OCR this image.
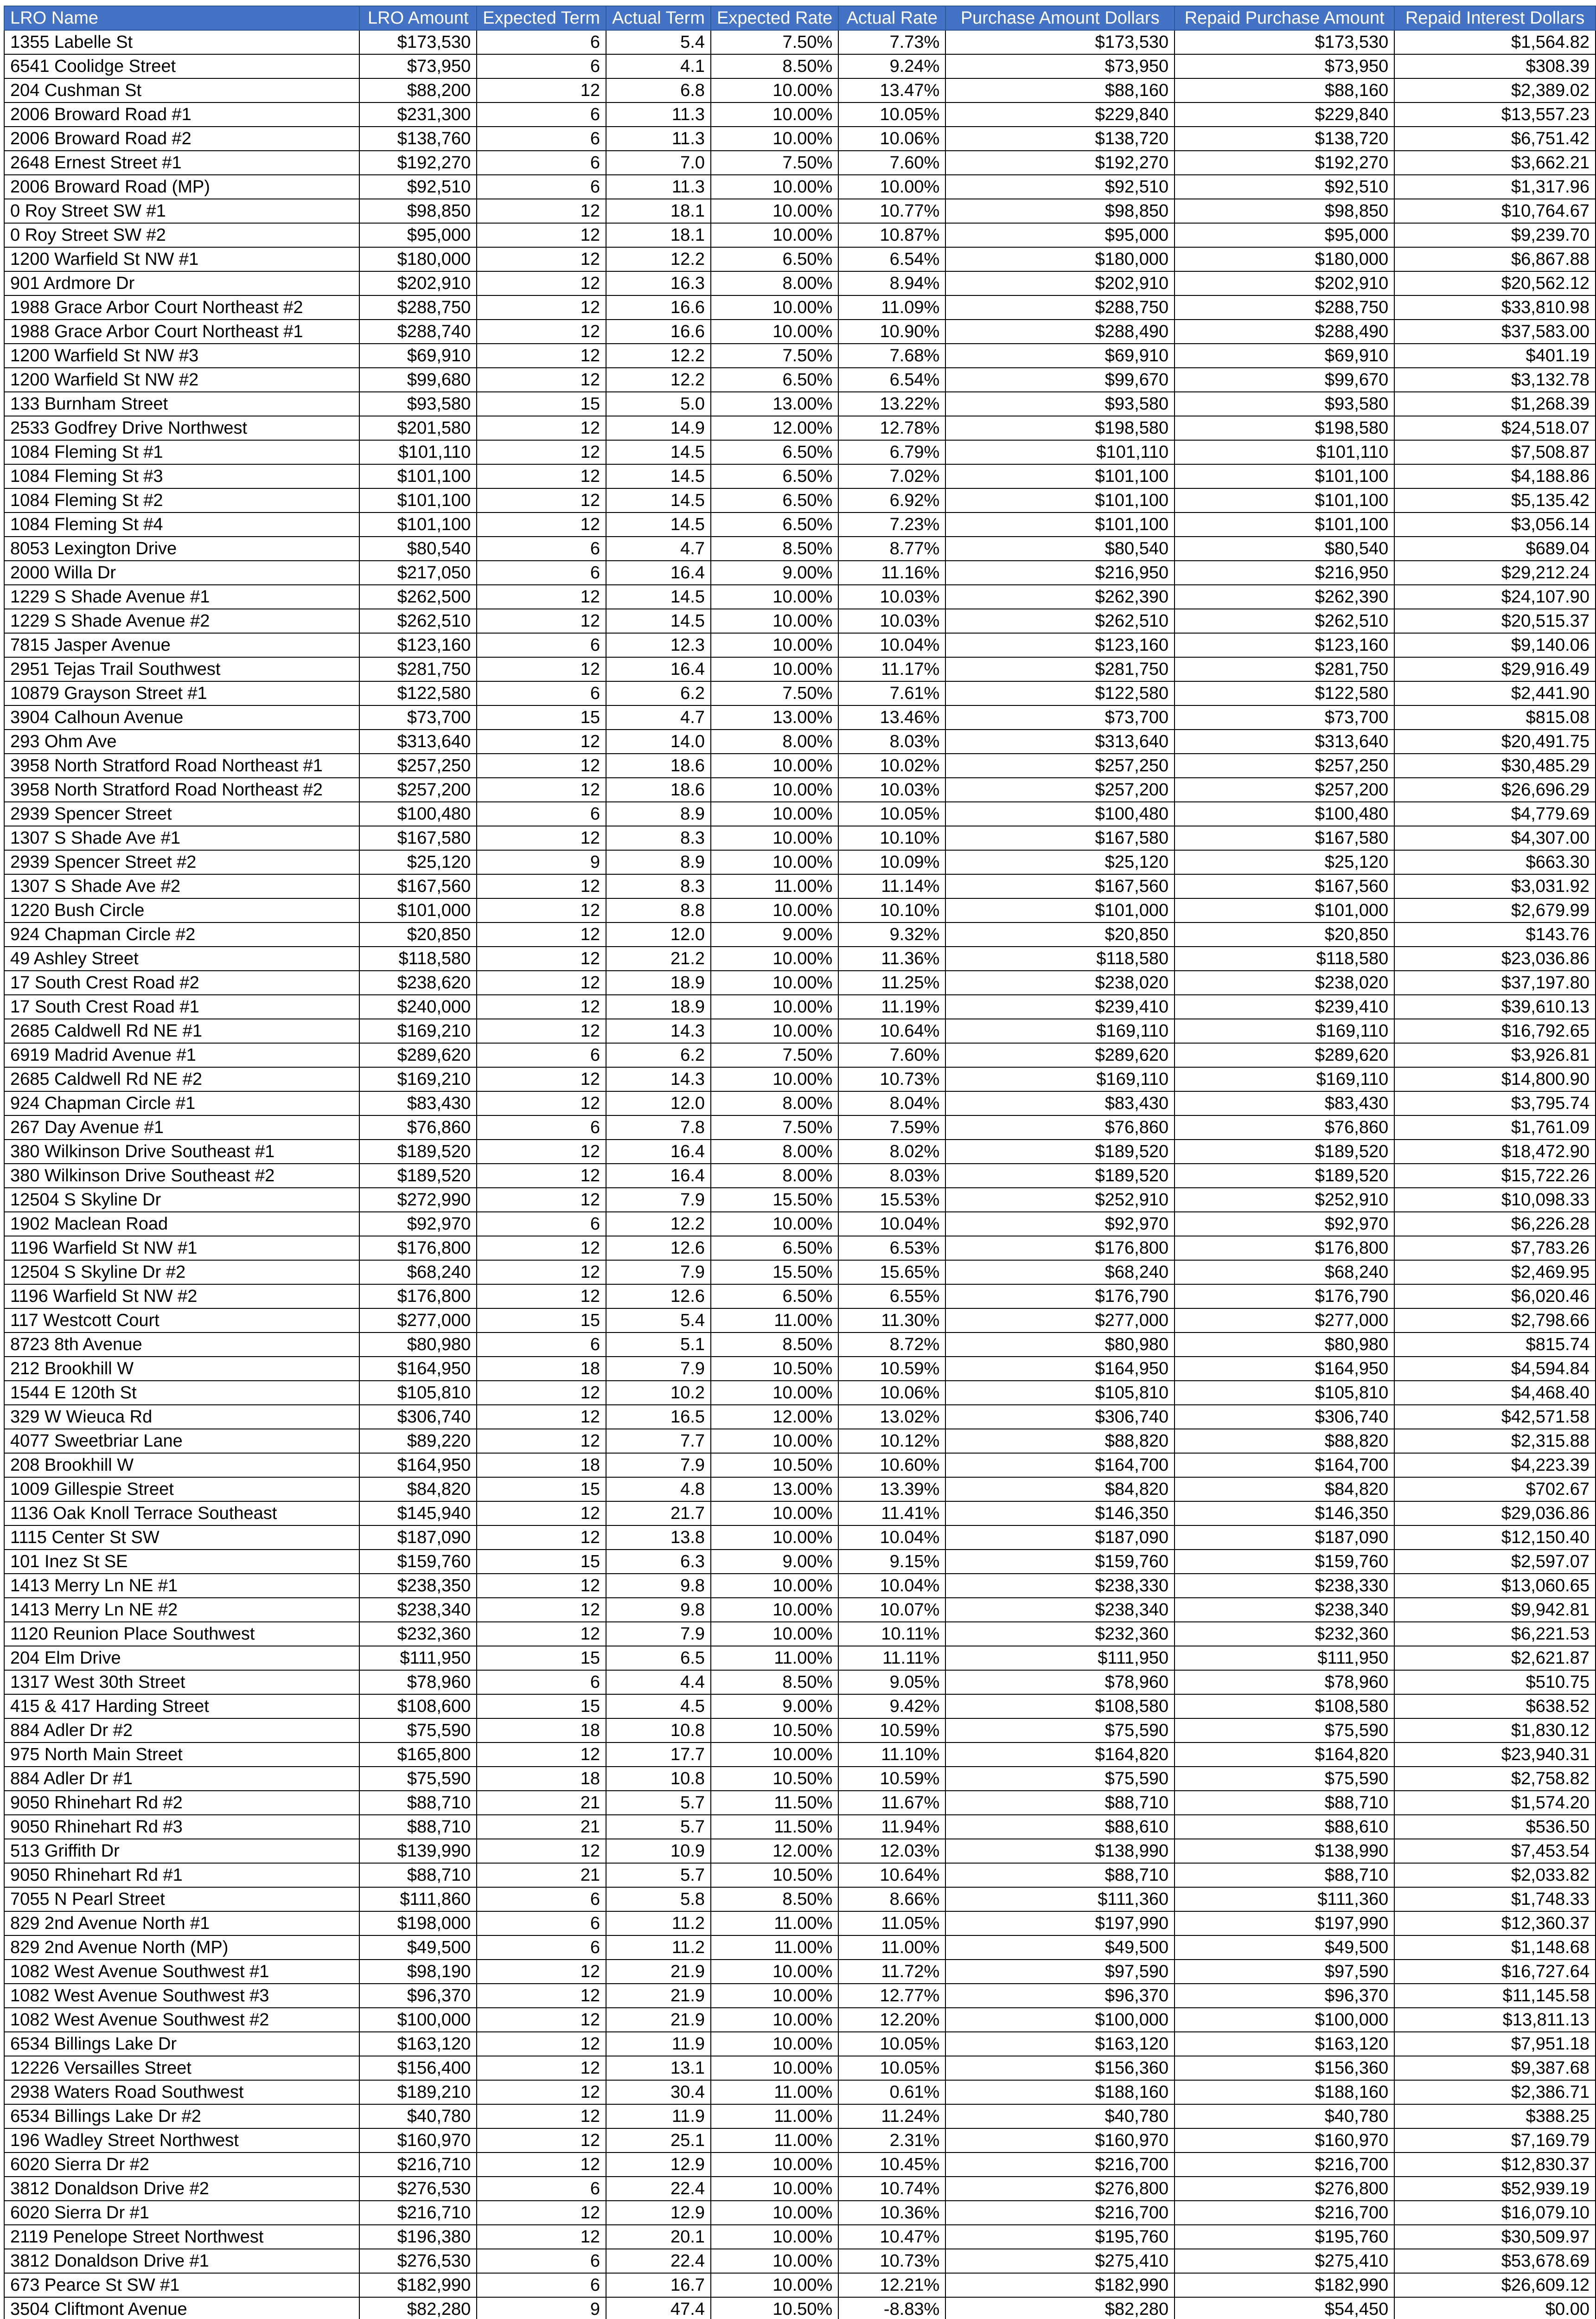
LRO Name	LRO Amount	Expected Term	Actual Term	Expected Rate	Actual Rate	Purchase Amount Dollars	Repaid Purchase Amount	Repaid Interest Dollars
1355 Labelle St	$173,530	6	5.4	7.50%	7.73%	$173,530	$173,530	$1,564.82
6541 Coolidge Street	$73,950	6	4.1	8.50%	9.24%	$73,950	$73,950	$308.39
204 Cushman St	$88,200	12	6.8	10.00%	13.47%	$88,160	$88,160	$2,389.02
2006 Broward Road #1	$231,300	6	11.3	10.00%	10.05%	$229,840	$229,840	$13,557.23
2006 Broward Road #2	$138,760	6	11.3	10.00%	10.06%	$138,720	$138,720	$6,751.42
2648 Ernest Street #1	$192,270	6	7.0	7.50%	7.60%	$192,270	$192,270	$3,662.21
2006 Broward Road (MP)	$92,510	6	11.3	10.00%	10.00%	$92,510	$92,510	$1,317.96
0 Roy Street SW #1	$98,850	12	18.1	10.00%	10.77%	$98,850	$98,850	$10,764.67
0 Roy Street SW #2	$95,000	12	18.1	10.00%	10.87%	$95,000	$95,000	$9,239.70
1200 Warfield St NW #1	$180,000	12	12.2	6.50%	6.54%	$180,000	$180,000	$6,867.88
901 Ardmore Dr	$202,910	12	16.3	8.00%	8.94%	$202,910	$202,910	$20,562.12
1988 Grace Arbor Court Northeast #2	$288,750	12	16.6	10.00%	11.09%	$288,750	$288,750	$33,810.98
1988 Grace Arbor Court Northeast #1	$288,740	12	16.6	10.00%	10.90%	$288,490	$288,490	$37,583.00
1200 Warfield St NW #3	$69,910	12	12.2	7.50%	7.68%	$69,910	$69,910	$401.19
1200 Warfield St NW #2	$99,680	12	12.2	6.50%	6.54%	$99,670	$99,670	$3,132.78
133 Burnham Street	$93,580	15	5.0	13.00%	13.22%	$93,580	$93,580	$1,268.39
2533 Godfrey Drive Northwest	$201,580	12	14.9	12.00%	12.78%	$198,580	$198,580	$24,518.07
1084 Fleming St #1	$101,110	12	14.5	6.50%	6.79%	$101,110	$101,110	$7,508.87
1084 Fleming St #3	$101,100	12	14.5	6.50%	7.02%	$101,100	$101,100	$4,188.86
1084 Fleming St #2	$101,100	12	14.5	6.50%	6.92%	$101,100	$101,100	$5,135.42
1084 Fleming St #4	$101,100	12	14.5	6.50%	7.23%	$101,100	$101,100	$3,056.14
8053 Lexington Drive	$80,540	6	4.7	8.50%	8.77%	$80,540	$80,540	$689.04
2000 Willa Dr	$217,050	6	16.4	9.00%	11.16%	$216,950	$216,950	$29,212.24
1229 S Shade Avenue #1	$262,500	12	14.5	10.00%	10.03%	$262,390	$262,390	$24,107.90
1229 S Shade Avenue #2	$262,510	12	14.5	10.00%	10.03%	$262,510	$262,510	$20,515.37
7815 Jasper Avenue	$123,160	6	12.3	10.00%	10.04%	$123,160	$123,160	$9,140.06
2951 Tejas Trail Southwest	$281,750	12	16.4	10.00%	11.17%	$281,750	$281,750	$29,916.49
10879 Grayson Street #1	$122,580	6	6.2	7.50%	7.61%	$122,580	$122,580	$2,441.90
3904 Calhoun Avenue	$73,700	15	4.7	13.00%	13.46%	$73,700	$73,700	$815.08
293 Ohm Ave	$313,640	12	14.0	8.00%	8.03%	$313,640	$313,640	$20,491.75
3958 North Stratford Road Northeast #1	$257,250	12	18.6	10.00%	10.02%	$257,250	$257,250	$30,485.29
3958 North Stratford Road Northeast #2	$257,200	12	18.6	10.00%	10.03%	$257,200	$257,200	$26,696.29
2939 Spencer Street	$100,480	6	8.9	10.00%	10.05%	$100,480	$100,480	$4,779.69
1307 S Shade Ave #1	$167,580	12	8.3	10.00%	10.10%	$167,580	$167,580	$4,307.00
2939 Spencer Street #2	$25,120	9	8.9	10.00%	10.09%	$25,120	$25,120	$663.30
1307 S Shade Ave #2	$167,560	12	8.3	11.00%	11.14%	$167,560	$167,560	$3,031.92
1220 Bush Circle	$101,000	12	8.8	10.00%	10.10%	$101,000	$101,000	$2,679.99
924 Chapman Circle #2	$20,850	12	12.0	9.00%	9.32%	$20,850	$20,850	$143.76
49 Ashley Street	$118,580	12	21.2	10.00%	11.36%	$118,580	$118,580	$23,036.86
17 South Crest Road #2	$238,620	12	18.9	10.00%	11.25%	$238,020	$238,020	$37,197.80
17 South Crest Road #1	$240,000	12	18.9	10.00%	11.19%	$239,410	$239,410	$39,610.13
2685 Caldwell Rd NE #1	$169,210	12	14.3	10.00%	10.64%	$169,110	$169,110	$16,792.65
6919 Madrid Avenue #1	$289,620	6	6.2	7.50%	7.60%	$289,620	$289,620	$3,926.81
2685 Caldwell Rd NE #2	$169,210	12	14.3	10.00%	10.73%	$169,110	$169,110	$14,800.90
924 Chapman Circle #1	$83,430	12	12.0	8.00%	8.04%	$83,430	$83,430	$3,795.74
267 Day Avenue #1	$76,860	6	7.8	7.50%	7.59%	$76,860	$76,860	$1,761.09
380 Wilkinson Drive Southeast #1	$189,520	12	16.4	8.00%	8.02%	$189,520	$189,520	$18,472.90
380 Wilkinson Drive Southeast #2	$189,520	12	16.4	8.00%	8.03%	$189,520	$189,520	$15,722.26
12504 S Skyline Dr	$272,990	12	7.9	15.50%	15.53%	$252,910	$252,910	$10,098.33
1902 Maclean Road	$92,970	6	12.2	10.00%	10.04%	$92,970	$92,970	$6,226.28
1196 Warfield St NW #1	$176,800	12	12.6	6.50%	6.53%	$176,800	$176,800	$7,783.26
12504 S Skyline Dr #2	$68,240	12	7.9	15.50%	15.65%	$68,240	$68,240	$2,469.95
1196 Warfield St NW #2	$176,800	12	12.6	6.50%	6.55%	$176,790	$176,790	$6,020.46
117 Westcott Court	$277,000	15	5.4	11.00%	11.30%	$277,000	$277,000	$2,798.66
8723 8th Avenue	$80,980	6	5.1	8.50%	8.72%	$80,980	$80,980	$815.74
212 Brookhill W	$164,950	18	7.9	10.50%	10.59%	$164,950	$164,950	$4,594.84
1544 E 120th St	$105,810	12	10.2	10.00%	10.06%	$105,810	$105,810	$4,468.40
329 W Wieuca Rd	$306,740	12	16.5	12.00%	13.02%	$306,740	$306,740	$42,571.58
4077 Sweetbriar Lane	$89,220	12	7.7	10.00%	10.12%	$88,820	$88,820	$2,315.88
208 Brookhill W	$164,950	18	7.9	10.50%	10.60%	$164,700	$164,700	$4,223.39
1009 Gillespie Street	$84,820	15	4.8	13.00%	13.39%	$84,820	$84,820	$702.67
1136 Oak Knoll Terrace Southeast	$145,940	12	21.7	10.00%	11.41%	$146,350	$146,350	$29,036.86
1115 Center St SW	$187,090	12	13.8	10.00%	10.04%	$187,090	$187,090	$12,150.40
101 Inez St SE	$159,760	15	6.3	9.00%	9.15%	$159,760	$159,760	$2,597.07
1413 Merry Ln NE #1	$238,350	12	9.8	10.00%	10.04%	$238,330	$238,330	$13,060.65
1413 Merry Ln NE #2	$238,340	12	9.8	10.00%	10.07%	$238,340	$238,340	$9,942.81
1120 Reunion Place Southwest	$232,360	12	7.9	10.00%	10.11%	$232,360	$232,360	$6,221.53
204 Elm Drive	$111,950	15	6.5	11.00%	11.11%	$111,950	$111,950	$2,621.87
1317 West 30th Street	$78,960	6	4.4	8.50%	9.05%	$78,960	$78,960	$510.75
415 & 417 Harding Street	$108,600	15	4.5	9.00%	9.42%	$108,580	$108,580	$638.52
884 Adler Dr #2	$75,590	18	10.8	10.50%	10.59%	$75,590	$75,590	$1,830.12
975 North Main Street	$165,800	12	17.7	10.00%	11.10%	$164,820	$164,820	$23,940.31
884 Adler Dr #1	$75,590	18	10.8	10.50%	10.59%	$75,590	$75,590	$2,758.82
9050 Rhinehart Rd #2	$88,710	21	5.7	11.50%	11.67%	$88,710	$88,710	$1,574.20
9050 Rhinehart Rd #3	$88,710	21	5.7	11.50%	11.94%	$88,610	$88,610	$536.50
513 Griffith Dr	$139,990	12	10.9	12.00%	12.03%	$138,990	$138,990	$7,453.54
9050 Rhinehart Rd #1	$88,710	21	5.7	10.50%	10.64%	$88,710	$88,710	$2,033.82
7055 N Pearl Street	$111,860	6	5.8	8.50%	8.66%	$111,360	$111,360	$1,748.33
829 2nd Avenue North #1	$198,000	6	11.2	11.00%	11.05%	$197,990	$197,990	$12,360.37
829 2nd Avenue North (MP)	$49,500	6	11.2	11.00%	11.00%	$49,500	$49,500	$1,148.68
1082 West Avenue Southwest #1	$98,190	12	21.9	10.00%	11.72%	$97,590	$97,590	$16,727.64
1082 West Avenue Southwest #3	$96,370	12	21.9	10.00%	12.77%	$96,370	$96,370	$11,145.58
1082 West Avenue Southwest #2	$100,000	12	21.9	10.00%	12.20%	$100,000	$100,000	$13,811.13
6534 Billings Lake Dr	$163,120	12	11.9	10.00%	10.05%	$163,120	$163,120	$7,951.18
12226 Versailles Street	$156,400	12	13.1	10.00%	10.05%	$156,360	$156,360	$9,387.68
2938 Waters Road Southwest	$189,210	12	30.4	11.00%	0.61%	$188,160	$188,160	$2,386.71
6534 Billings Lake Dr #2	$40,780	12	11.9	11.00%	11.24%	$40,780	$40,780	$388.25
196 Wadley Street Northwest	$160,970	12	25.1	11.00%	2.31%	$160,970	$160,970	$7,169.79
6020 Sierra Dr #2	$216,710	12	12.9	10.00%	10.45%	$216,700	$216,700	$12,830.37
3812 Donaldson Drive #2	$276,530	6	22.4	10.00%	10.74%	$276,800	$276,800	$52,939.19
6020 Sierra Dr #1	$216,710	12	12.9	10.00%	10.36%	$216,700	$216,700	$16,079.10
2119 Penelope Street Northwest	$196,380	12	20.1	10.00%	10.47%	$195,760	$195,760	$30,509.97
3812 Donaldson Drive #1	$276,530	6	22.4	10.00%	10.73%	$275,410	$275,410	$53,678.69
673 Pearce St SW #1	$182,990	6	16.7	10.00%	12.21%	$182,990	$182,990	$26,609.12
3504 Cliftmont Avenue	$82,280	9	47.4	10.50%	-8.83%	$82,280	$54,450	$0.00
